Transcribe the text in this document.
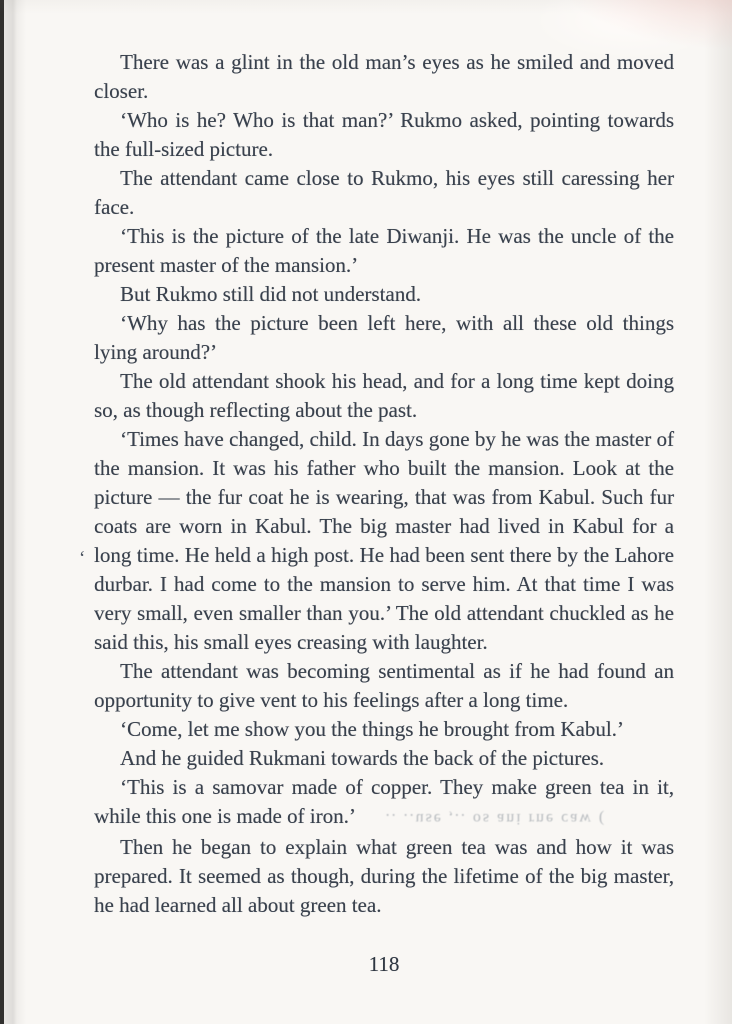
‘

There was a glint in the old man’s eyes as he smiled and moved closer.

‘Who is he? Who is that man?’ Rukmo asked, pointing towards the full-sized picture.

The attendant came close to Rukmo, his eyes still caressing her face.

‘This is the picture of the late Diwanji. He was the uncle of the present master of the mansion.’

But Rukmo still did not understand.

‘Why has the picture been left here, with all these old things lying around?’

The old attendant shook his head, and for a long time kept doing so, as though reflecting about the past.

‘Times have changed, child. In days gone by he was the master of the mansion. It was his father who built the mansion. Look at the picture — the fur coat he is wearing, that was from Kabul. Such fur coats are worn in Kabul. The big master had lived in Kabul for a long time. He held a high post. He had been sent there by the Lahore durbar. I had come to the mansion to serve him. At that time I was very small, even smaller than you.’ The old attendant chuckled as he said this, his small eyes creasing with laughter.

The attendant was becoming sentimental as if he had found an opportunity to give vent to his feelings after a long time.

‘Come, let me show you the things he brought from Kabul.’

And he guided Rukmani towards the back of the pictures.

‘This is a samovar made of copper. They make green tea in it, while this one is made of iron.’ .. ..use ,.. os ani rne caw (

Then he began to explain what green tea was and how it was prepared. It seemed as though, during the lifetime of the big master, he had learned all about green tea.

118
